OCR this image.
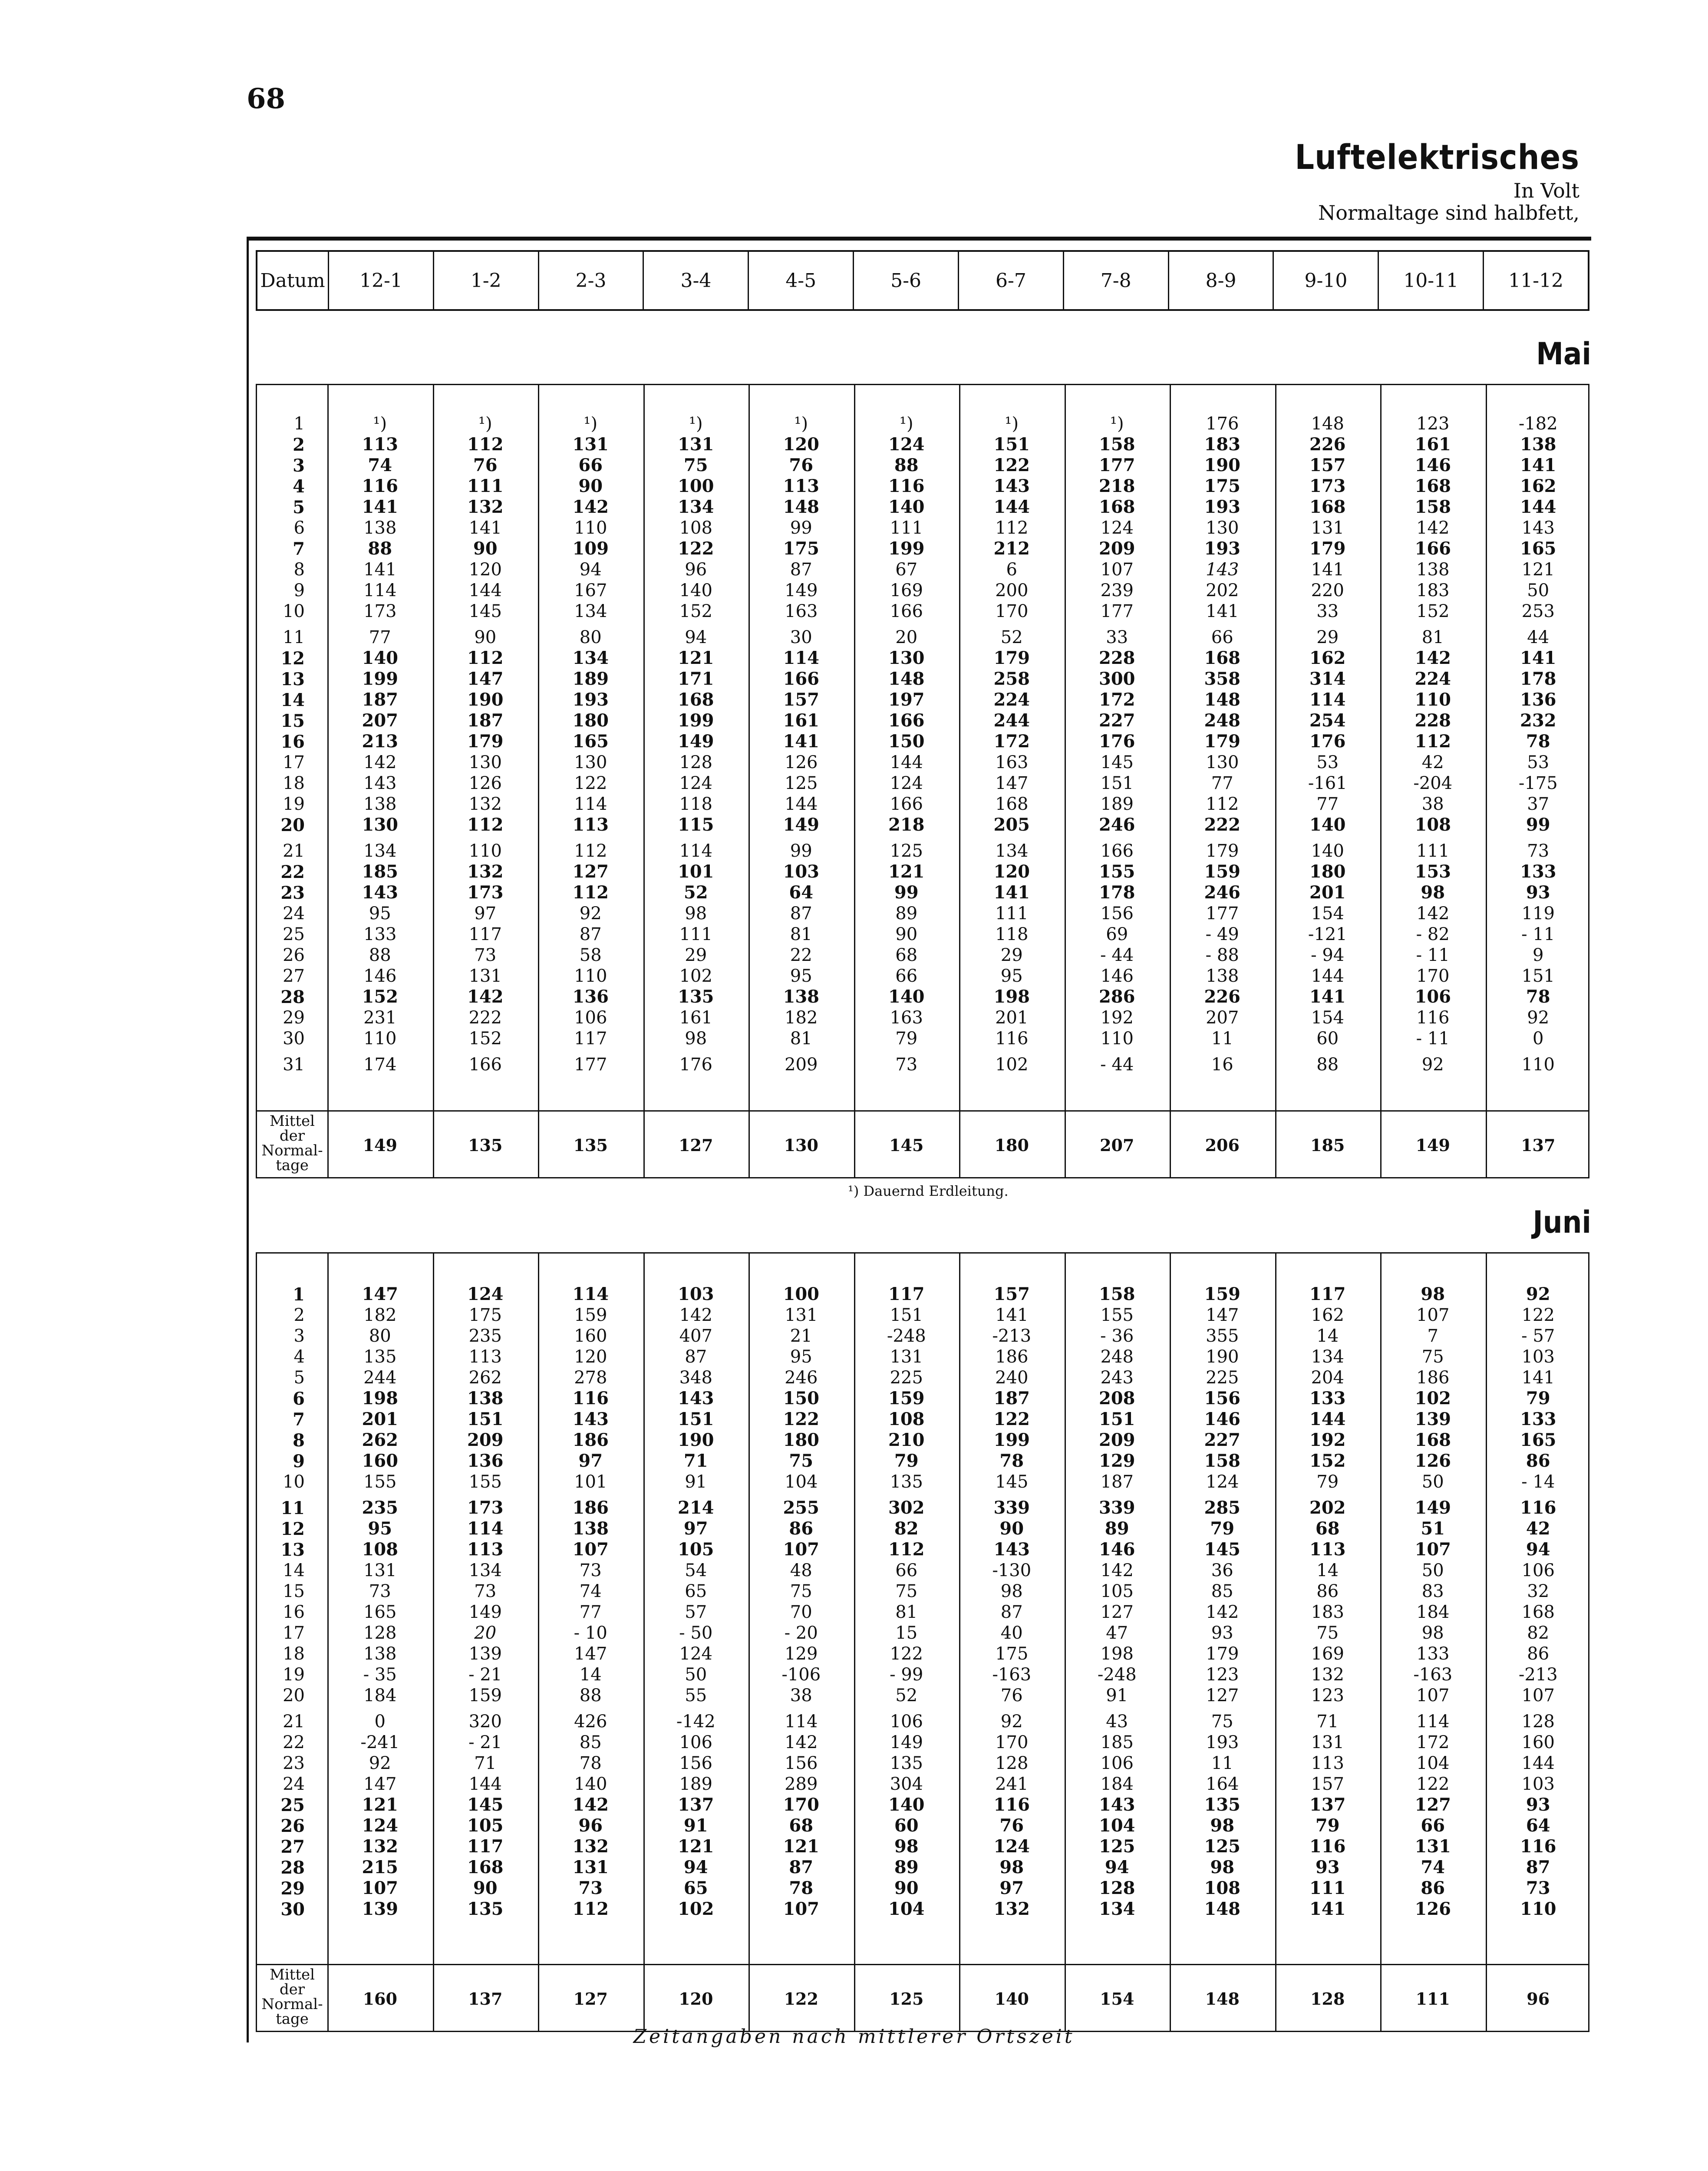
68
Luftelektrisches
In Volt
Normaltage sind halbfett,
Datum	12-1	1-2	2-3	3-4	4-5	5-6	6-7	7-8	8-9	9-10	10-11	11-12
Mai
1	¹)	¹)	¹)	¹)	¹)	¹)	¹)	¹)	176	148	123	-182
2	113	112	131	131	120	124	151	158	183	226	161	138
3	74	76	66	75	76	88	122	177	190	157	146	141
4	116	111	90	100	113	116	143	218	175	173	168	162
5	141	132	142	134	148	140	144	168	193	168	158	144
6	138	141	110	108	99	111	112	124	130	131	142	143
7	88	90	109	122	175	199	212	209	193	179	166	165
8	141	120	94	96	87	67	6	107	143	141	138	121
9	114	144	167	140	149	169	200	239	202	220	183	50
10	173	145	134	152	163	166	170	177	141	33	152	253
11	77	90	80	94	30	20	52	33	66	29	81	44
12	140	112	134	121	114	130	179	228	168	162	142	141
13	199	147	189	171	166	148	258	300	358	314	224	178
14	187	190	193	168	157	197	224	172	148	114	110	136
15	207	187	180	199	161	166	244	227	248	254	228	232
16	213	179	165	149	141	150	172	176	179	176	112	78
17	142	130	130	128	126	144	163	145	130	53	42	53
18	143	126	122	124	125	124	147	151	77	-161	-204	-175
19	138	132	114	118	144	166	168	189	112	77	38	37
20	130	112	113	115	149	218	205	246	222	140	108	99
21	134	110	112	114	99	125	134	166	179	140	111	73
22	185	132	127	101	103	121	120	155	159	180	153	133
23	143	173	112	52	64	99	141	178	246	201	98	93
24	95	97	92	98	87	89	111	156	177	154	142	119
25	133	117	87	111	81	90	118	69	- 49	-121	- 82	- 11
26	88	73	58	29	22	68	29	- 44	- 88	- 94	- 11	9
27	146	131	110	102	95	66	95	146	138	144	170	151
28	152	142	136	135	138	140	198	286	226	141	106	78
29	231	222	106	161	182	163	201	192	207	154	116	92
30	110	152	117	98	81	79	116	110	11	60	- 11	0
31	174	166	177	176	209	73	102	- 44	16	88	92	110
Mittel
der
Normal-
tage
149	135	135	127	130	145	180	207	206	185	149	137
¹) Dauernd Erdleitung.
Juni
1	147	124	114	103	100	117	157	158	159	117	98	92
2	182	175	159	142	131	151	141	155	147	162	107	122
3	80	235	160	407	21	-248	-213	- 36	355	14	7	- 57
4	135	113	120	87	95	131	186	248	190	134	75	103
5	244	262	278	348	246	225	240	243	225	204	186	141
6	198	138	116	143	150	159	187	208	156	133	102	79
7	201	151	143	151	122	108	122	151	146	144	139	133
8	262	209	186	190	180	210	199	209	227	192	168	165
9	160	136	97	71	75	79	78	129	158	152	126	86
10	155	155	101	91	104	135	145	187	124	79	50	- 14
11	235	173	186	214	255	302	339	339	285	202	149	116
12	95	114	138	97	86	82	90	89	79	68	51	42
13	108	113	107	105	107	112	143	146	145	113	107	94
14	131	134	73	54	48	66	-130	142	36	14	50	106
15	73	73	74	65	75	75	98	105	85	86	83	32
16	165	149	77	57	70	81	87	127	142	183	184	168
17	128	20	- 10	- 50	- 20	15	40	47	93	75	98	82
18	138	139	147	124	129	122	175	198	179	169	133	86
19	- 35	- 21	14	50	-106	- 99	-163	-248	123	132	-163	-213
20	184	159	88	55	38	52	76	91	127	123	107	107
21	0	320	426	-142	114	106	92	43	75	71	114	128
22	-241	- 21	85	106	142	149	170	185	193	131	172	160
23	92	71	78	156	156	135	128	106	11	113	104	144
24	147	144	140	189	289	304	241	184	164	157	122	103
25	121	145	142	137	170	140	116	143	135	137	127	93
26	124	105	96	91	68	60	76	104	98	79	66	64
27	132	117	132	121	121	98	124	125	125	116	131	116
28	215	168	131	94	87	89	98	94	98	93	74	87
29	107	90	73	65	78	90	97	128	108	111	86	73
30	139	135	112	102	107	104	132	134	148	141	126	110
Mittel
der
Normal-
tage
160	137	127	120	122	125	140	154	148	128	111	96
Zeitangaben nach mittlerer Ortszeit
